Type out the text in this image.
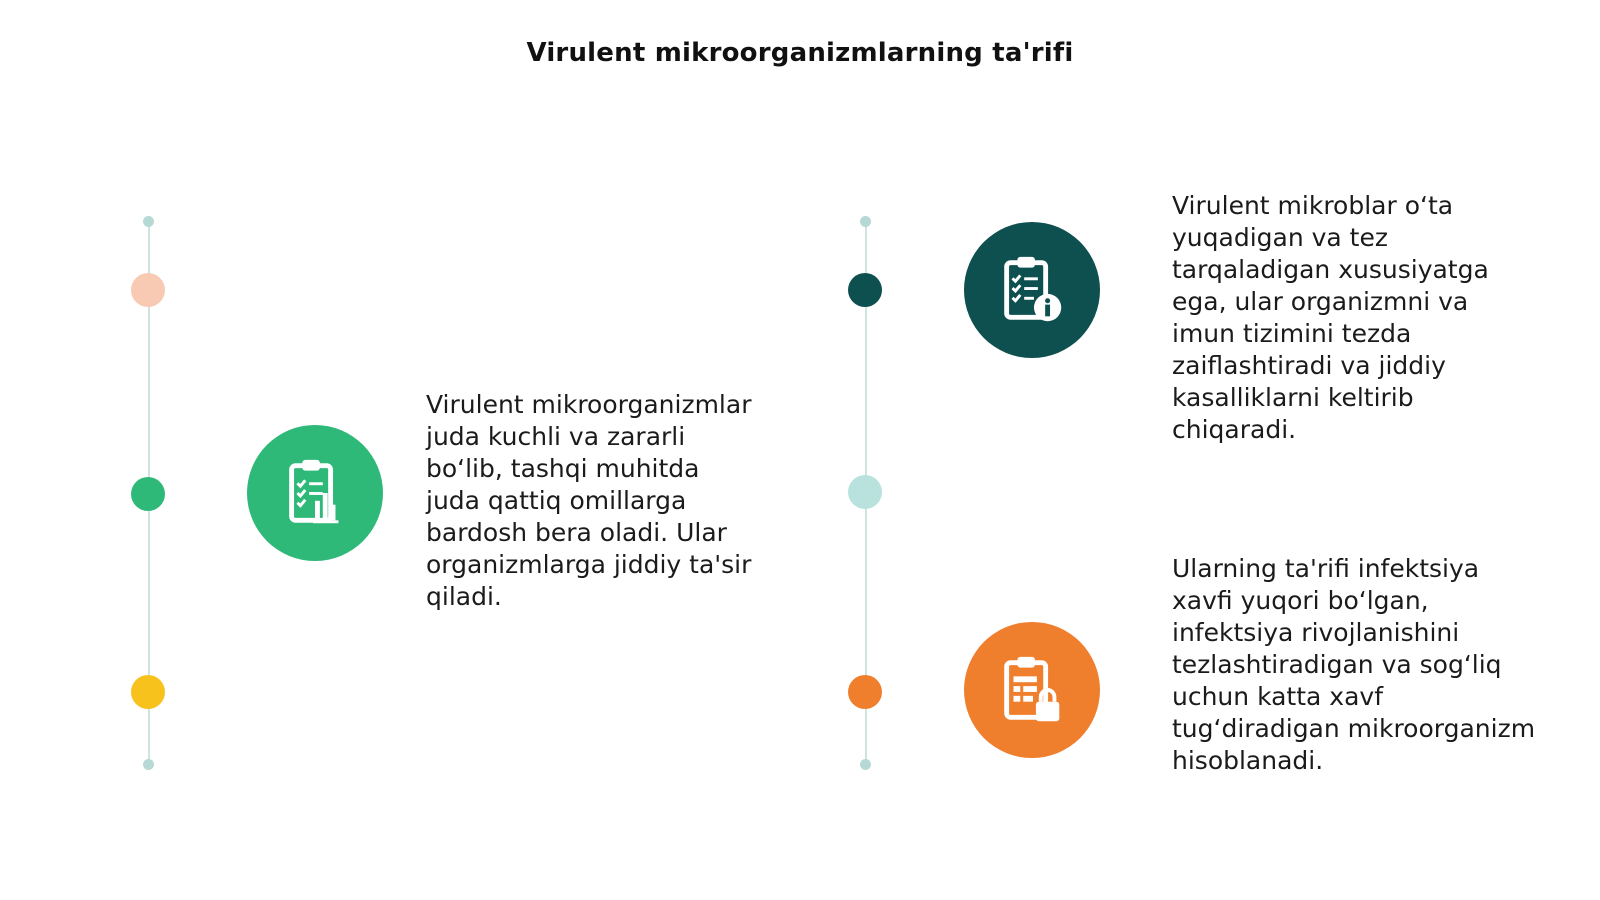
Virulent mikroorganizmlarning ta'rifi

Virulent mikroorganizmlar juda kuchli va zararli bo‘lib, tashqi muhitda juda qattiq omillarga bardosh bera oladi. Ular organizmlarga jiddiy ta'sir qiladi.

Virulent mikroblar o‘ta yuqadigan va tez tarqaladigan xususiyatga ega, ular organizmni va imun tizimini tezda zaiflashtiradi va jiddiy kasalliklarni keltirib chiqaradi.

Ularning ta'rifi infektsiya xavfi yuqori bo‘lgan, infektsiya rivojlanishini tezlashtiradigan va sog‘liq uchun katta xavf tug‘diradigan mikroorganizm hisoblanadi.
